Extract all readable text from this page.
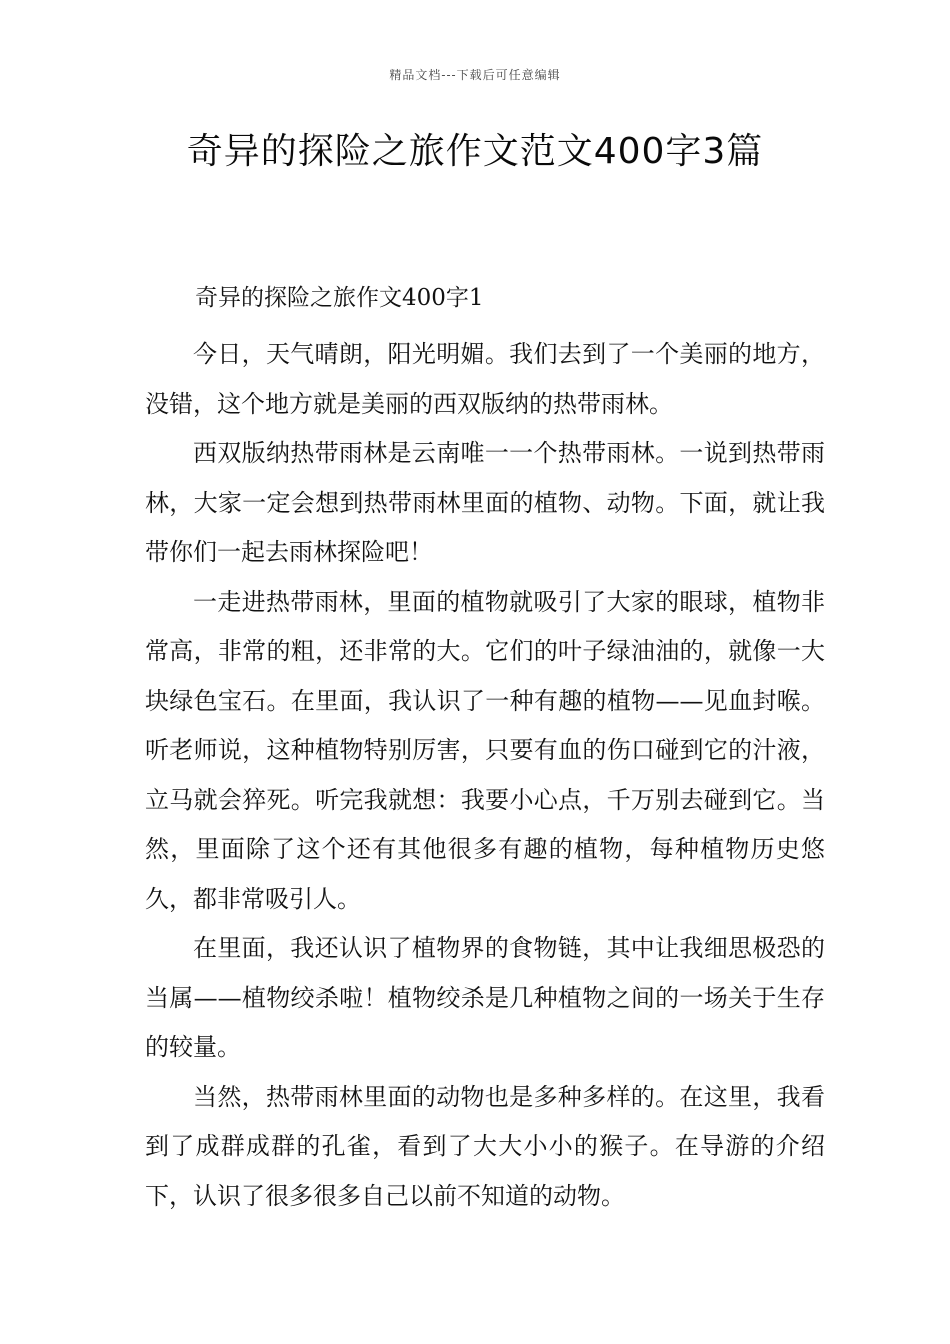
精品文档---下载后可任意编辑
奇异的探险之旅作文范文400字3篇
奇异的探险之旅作文400字1

今日，天气晴朗，阳光明媚。我们去到了一个美丽的地方，没错，这个地方就是美丽的西双版纳的热带雨林。

西双版纳热带雨林是云南唯一一个热带雨林。一说到热带雨林，大家一定会想到热带雨林里面的植物、动物。下面，就让我带你们一起去雨林探险吧！

一走进热带雨林，里面的植物就吸引了大家的眼球，植物非常高，非常的粗，还非常的大。它们的叶子绿油油的，就像一大块绿色宝石。在里面，我认识了一种有趣的植物——见血封喉。听老师说，这种植物特别厉害，只要有血的伤口碰到它的汁液，立马就会猝死。听完我就想：我要小心点，千万别去碰到它。当然，里面除了这个还有其他很多有趣的植物，每种植物历史悠久，都非常吸引人。

在里面，我还认识了植物界的食物链，其中让我细思极恐的当属——植物绞杀啦！植物绞杀是几种植物之间的一场关于生存的较量。

当然，热带雨林里面的动物也是多种多样的。在这里，我看到了成群成群的孔雀，看到了大大小小的猴子。在导游的介绍下，认识了很多很多自己以前不知道的动物。
